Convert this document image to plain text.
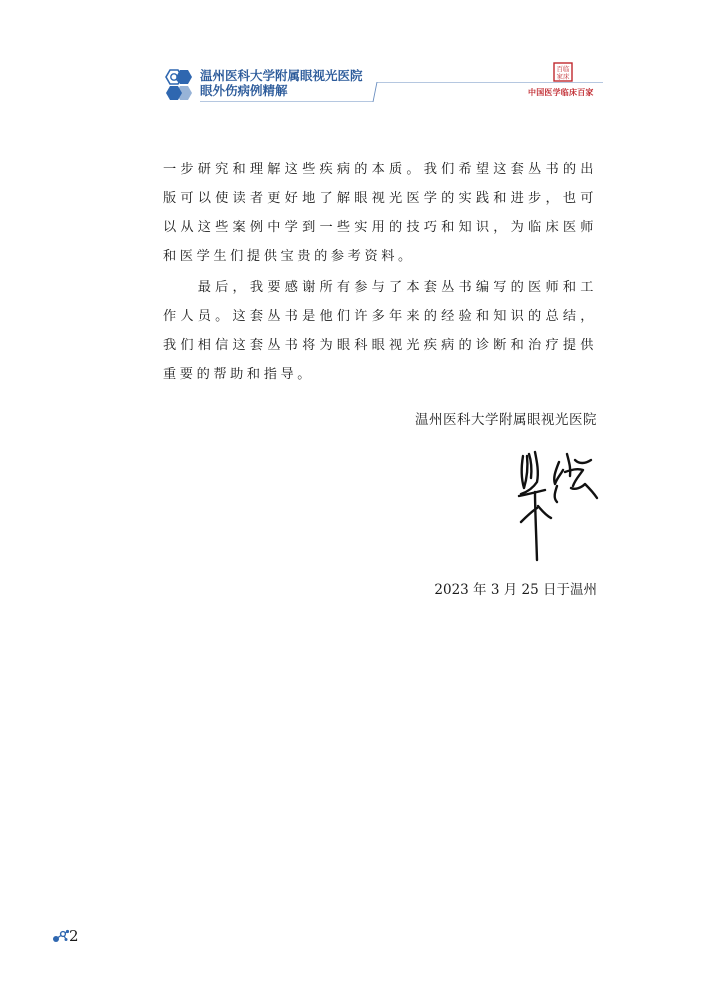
温州医科大学附属眼视光医院
眼外伤病例精解
百临
家床
中国医学临床百家

一步研究和理解这些疾病的本质。我们希望这套丛书的出版可以使读者更好地了解眼视光医学的实践和进步，也可以从这些案例中学到一些实用的技巧和知识，为临床医师和医学生们提供宝贵的参考资料。

　　最后，我要感谢所有参与了本套丛书编写的医师和工作人员。这套丛书是他们许多年来的经验和知识的总结，我们相信这套丛书将为眼科眼视光疾病的诊断和治疗提供重要的帮助和指导。

温州医科大学附属眼视光医院
2023 年 3 月 25 日于温州
2
